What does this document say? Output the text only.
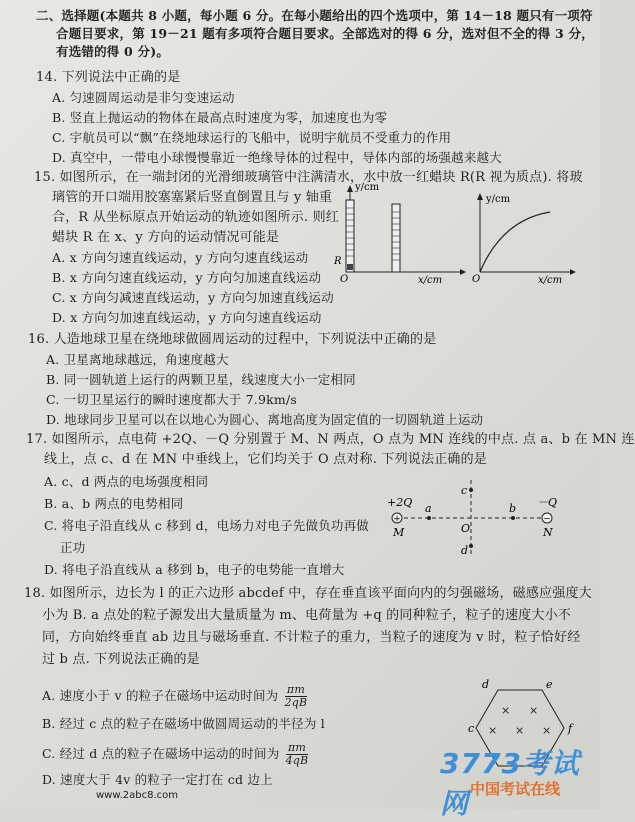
二、选择题(本题共 8 小题，每小题 6 分。在每小题给出的四个选项中，第 14－18 题只有一项符
合题目要求，第 19－21 题有多项符合题目要求。全部选对的得 6 分，选对但不全的得 3 分，
有选错的得 0 分)。
14. 下列说法中正确的是
A. 匀速圆周运动是非匀变速运动
B. 竖直上抛运动的物体在最高点时速度为零，加速度也为零
C. 宇航员可以“飘”在绕地球运行的飞船中，说明宇航员不受重力的作用
D. 真空中，一带电小球慢慢靠近一绝缘导体的过程中，导体内部的场强越来越大
15. 如图所示，在一端封闭的光滑细玻璃管中注满清水，水中放一红蜡块 R(R 视为质点). 将玻
璃管的开口端用胶塞塞紧后竖直倒置且与 y 轴重
合，R 从坐标原点开始运动的轨迹如图所示. 则红
蜡块 R 在 x、y 方向的运动情况可能是
A. x 方向匀速直线运动，y 方向匀速直线运动
B. x 方向匀速直线运动，y 方向匀加速直线运动
C. x 方向匀减速直线运动，y 方向匀加速直线运动
D. x 方向匀加速直线运动，y 方向匀速直线运动
y/cm
x/cm
R
O
y/cm
x/cm
O
16. 人造地球卫星在绕地球做圆周运动的过程中，下列说法中正确的是
A. 卫星离地球越远，角速度越大
B. 同一圆轨道上运行的两颗卫星，线速度大小一定相同
C. 一切卫星运行的瞬时速度都大于 7.9km/s
D. 地球同步卫星可以在以地心为圆心、离地高度为固定值的一切圆轨道上运动
17. 如图所示，点电荷 +2Q、－Q 分别置于 M、N 两点，O 点为 MN 连线的中点. 点 a、b 在 MN 连
线上，点 c、d 在 MN 中垂线上，它们均关于 O 点对称. 下列说法正确的是
A. c、d 两点的电场强度相同
B. a、b 两点的电势相同
C. 将电子沿直线从 c 移到 d，电场力对电子先做负功再做
正功
D. 将电子沿直线从 a 移到 b，电子的电势能一直增大
+	−
+2Q	－Q
M	N
a	b
c
d
O
18. 如图所示，边长为 l 的正六边形 abcdef 中，存在垂直该平面向内的匀强磁场，磁感应强度大
小为 B. a 点处的粒子源发出大量质量为 m、电荷量为 +q 的同种粒子，粒子的速度大小不
同，方向始终垂直 ab 边且与磁场垂直. 不计粒子的重力，当粒子的速度为 v 时，粒子恰好经
过 b 点. 下列说法正确的是
A. 速度小于 v 的粒子在磁场中运动时间为 $\frac{\pi m}{2qB}$
B. 经过 c 点的粒子在磁场中做圆周运动的半径为 l
C. 经过 d 点的粒子在磁场中运动的时间为 $\frac{\pi m}{4qB}$
D. 速度大于 4v 的粒子一定打在 cd 边上
× ×
× × ×
d	e
f
c
3773考试网 中国考试在线
www.2abc8.com
